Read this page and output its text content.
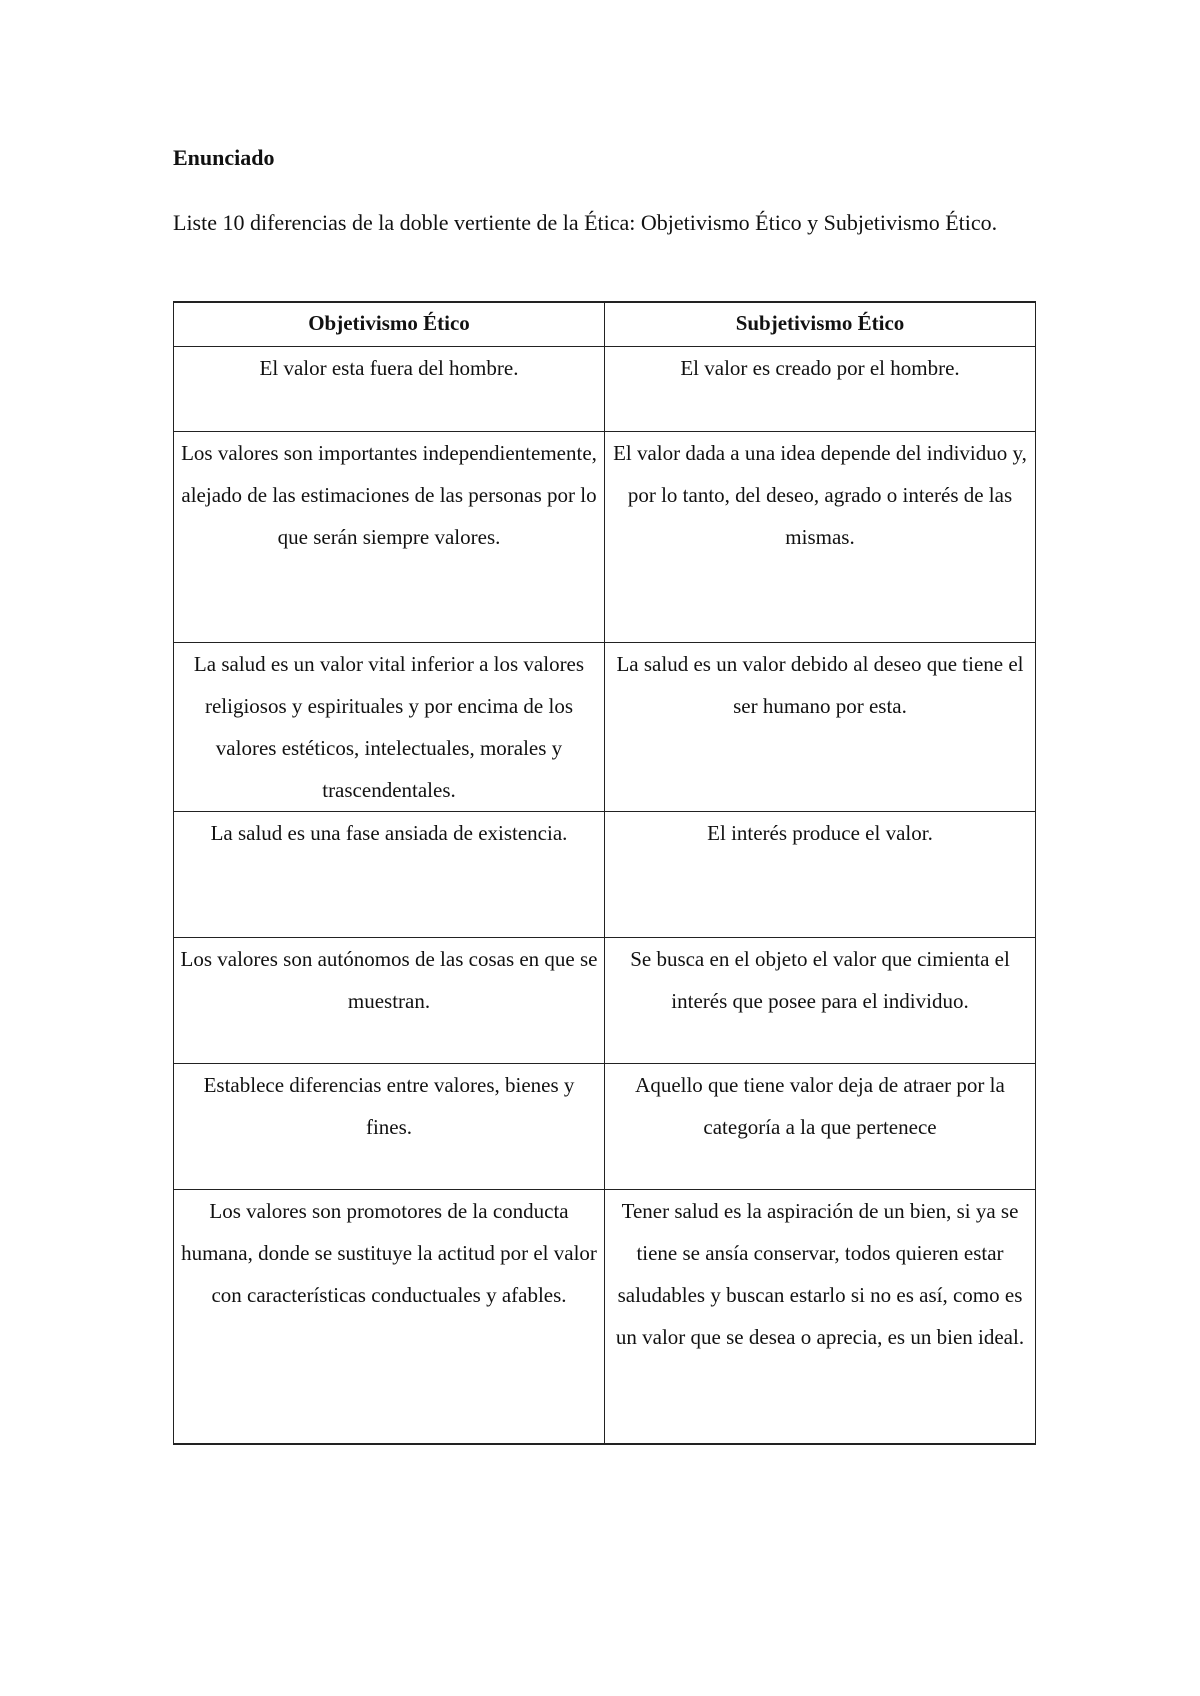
Enunciado

Liste 10 diferencias de la doble vertiente de la Ética: Objetivismo Ético y Subjetivismo Ético.

Objetivismo Ético	Subjetivismo Ético

El valor esta fuera del hombre.	El valor es creado por el hombre.

Los valores son importantes independientemente, alejado de las estimaciones de las personas por lo que serán siempre valores.	El valor dada a una idea depende del individuo y, por lo tanto, del deseo, agrado o interés de las mismas.

La salud es un valor vital inferior a los valores religiosos y espirituales y por encima de los valores estéticos, intelectuales, morales y trascendentales.	La salud es un valor debido al deseo que tiene el ser humano por esta.

La salud es una fase ansiada de existencia.	El interés produce el valor.

Los valores son autónomos de las cosas en que se muestran.	Se busca en el objeto el valor que cimienta el interés que posee para el individuo.

Establece diferencias entre valores, bienes y fines.	Aquello que tiene valor deja de atraer por la categoría a la que pertenece

Los valores son promotores de la conducta humana, donde se sustituye la actitud por el valor con características conductuales y afables.	Tener salud es la aspiración de un bien, si ya se tiene se ansía conservar, todos quieren estar saludables y buscan estarlo si no es así, como es un valor que se desea o aprecia, es un bien ideal.
